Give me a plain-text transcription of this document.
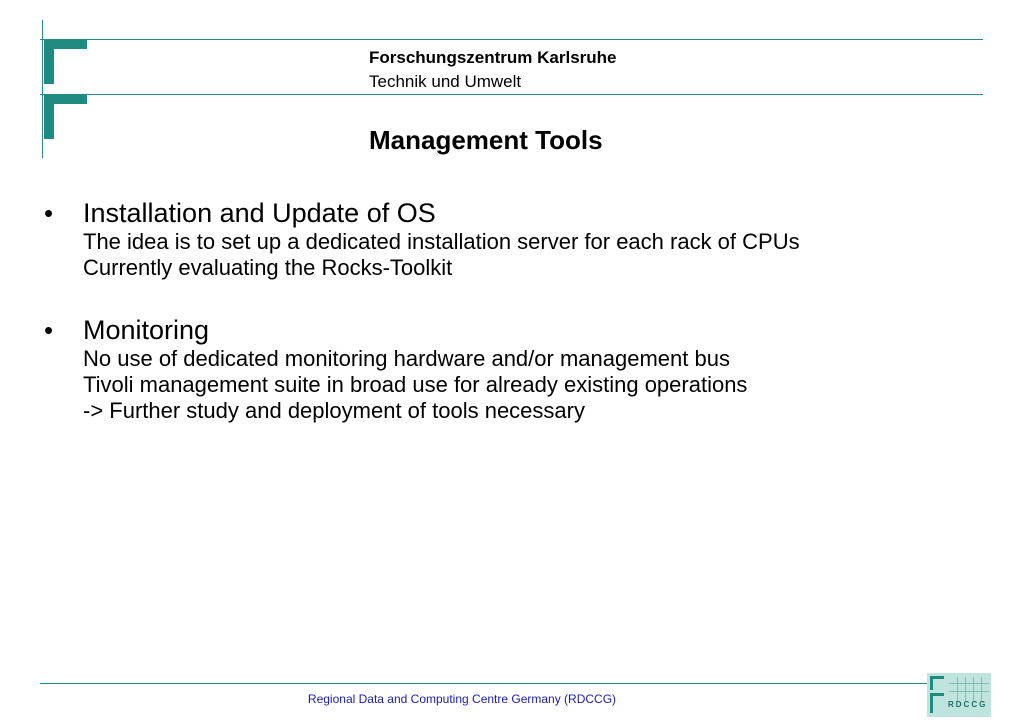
Forschungszentrum Karlsruhe
Technik und Umwelt
Management Tools
• Installation and Update of OS
The idea is to set up a dedicated installation server for each rack of CPUs
Currently evaluating the Rocks-Toolkit
• Monitoring
No use of dedicated monitoring hardware and/or management bus
Tivoli management suite in broad use for already existing operations
-> Further study and deployment of tools necessary
Regional Data and Computing Centre Germany (RDCCG)	RDCCG
